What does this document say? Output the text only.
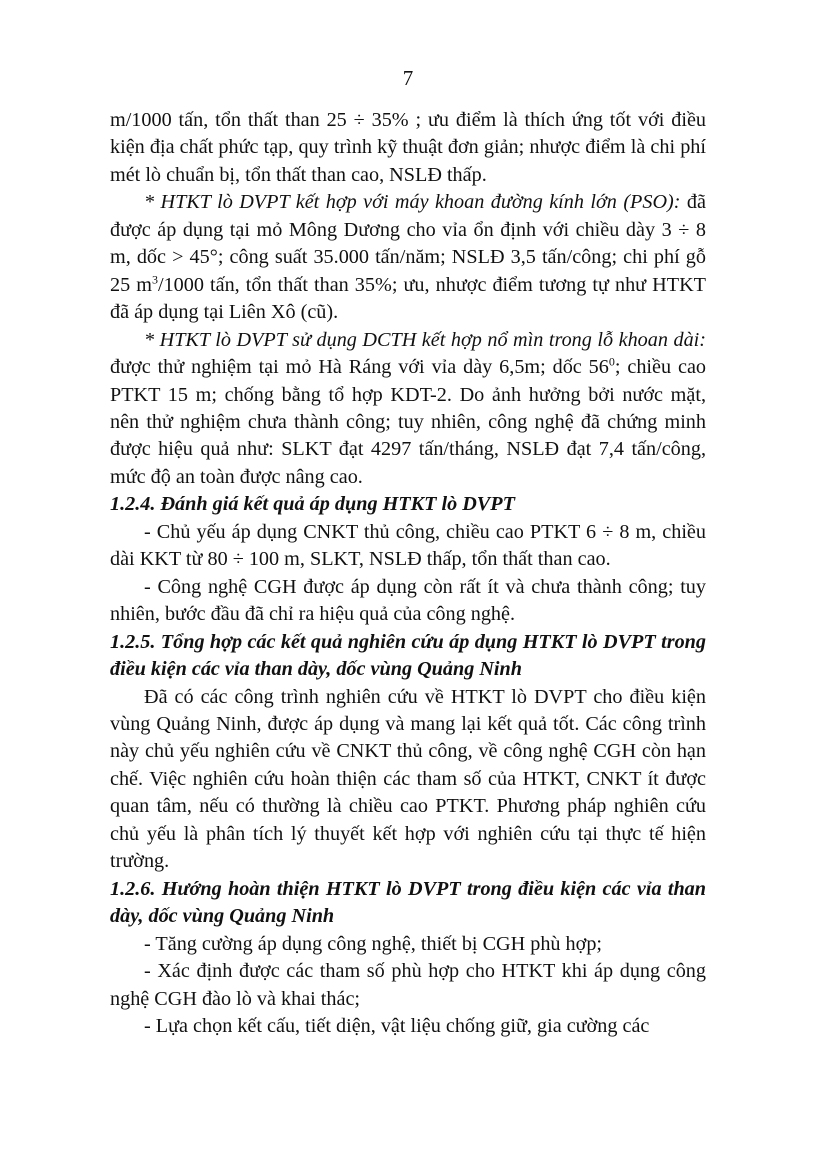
7

m/1000 tấn, tổn thất than 25 ÷ 35% ; ưu điểm là thích ứng tốt với điều kiện địa chất phức tạp, quy trình kỹ thuật đơn giản; nhược điểm là chi phí mét lò chuẩn bị, tổn thất than cao, NSLĐ thấp.

* HTKT lò DVPT kết hợp với máy khoan đường kính lớn (PSO): đã được áp dụng tại mỏ Mông Dương cho vỉa ổn định với chiều dày 3 ÷ 8 m, dốc > 45°; công suất 35.000 tấn/năm; NSLĐ 3,5 tấn/công; chi phí gỗ 25 $m^3/1000$ tấn, tổn thất than 35%; ưu, nhược điểm tương tự như HTKT đã áp dụng tại Liên Xô (cũ).

* HTKT lò DVPT sử dụng DCTH kết hợp nổ mìn trong lỗ khoan dài: được thử nghiệm tại mỏ Hà Ráng với vỉa dày 6,5m; dốc $56^0$; chiều cao PTKT 15 m; chống bằng tổ hợp KDT-2. Do ảnh hưởng bởi nước mặt, nên thử nghiệm chưa thành công; tuy nhiên, công nghệ đã chứng minh được hiệu quả như: SLKT đạt 4297 tấn/tháng, NSLĐ đạt 7,4 tấn/công, mức độ an toàn được nâng cao.

1.2.4. Đánh giá kết quả áp dụng HTKT lò DVPT

- Chủ yếu áp dụng CNKT thủ công, chiều cao PTKT 6 ÷ 8 m, chiều dài KKT từ 80 ÷ 100 m, SLKT, NSLĐ thấp, tổn thất than cao.

- Công nghệ CGH được áp dụng còn rất ít và chưa thành công; tuy nhiên, bước đầu đã chỉ ra hiệu quả của công nghệ.

1.2.5. Tổng hợp các kết quả nghiên cứu áp dụng HTKT lò DVPT trong điều kiện các vỉa than dày, dốc vùng Quảng Ninh

Đã có các công trình nghiên cứu về HTKT lò DVPT cho điều kiện vùng Quảng Ninh, được áp dụng và mang lại kết quả tốt. Các công trình này chủ yếu nghiên cứu về CNKT thủ công, về công nghệ CGH còn hạn chế. Việc nghiên cứu hoàn thiện các tham số của HTKT, CNKT ít được quan tâm, nếu có thường là chiều cao PTKT. Phương pháp nghiên cứu chủ yếu là phân tích lý thuyết kết hợp với nghiên cứu tại thực tế hiện trường.

1.2.6. Hướng hoàn thiện HTKT lò DVPT trong điều kiện các vỉa than dày, dốc vùng Quảng Ninh

- Tăng cường áp dụng công nghệ, thiết bị CGH phù hợp;

- Xác định được các tham số phù hợp cho HTKT khi áp dụng công nghệ CGH đào lò và khai thác;

- Lựa chọn kết cấu, tiết diện, vật liệu chống giữ, gia cường các
